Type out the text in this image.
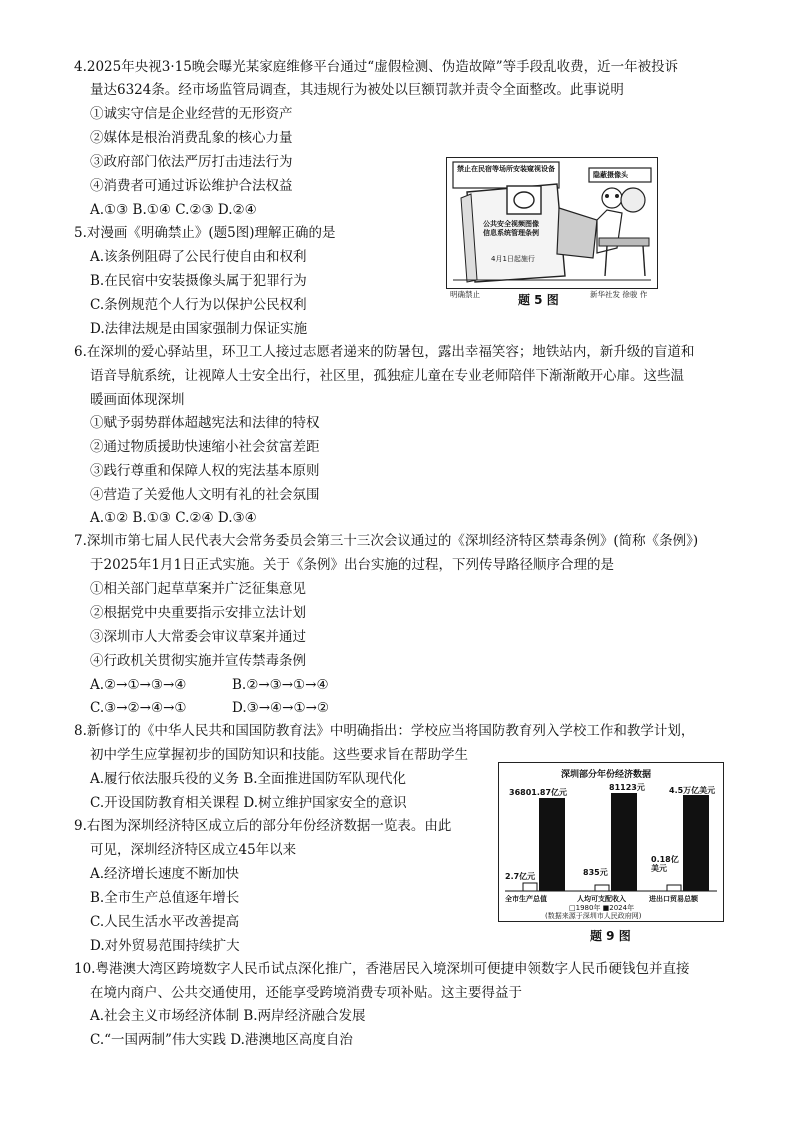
4.2025年央视3·15晚会曝光某家庭维修平台通过“虚假检测、伪造故障”等手段乱收费，近一年被投诉
量达6324条。经市场监管局调查，其违规行为被处以巨额罚款并责令全面整改。此事说明
①诚实守信是企业经营的无形资产
②媒体是根治消费乱象的核心力量
③政府部门依法严厉打击违法行为
④消费者可通过诉讼维护合法权益
A.①③ B.①④ C.②③ D.②④
5.对漫画《明确禁止》(题5图)理解正确的是
A.该条例阻碍了公民行使自由和权利
B.在民宿中安装摄像头属于犯罪行为
C.条例规范个人行为以保护公民权利
D.法律法规是由国家强制力保证实施
禁止在民宿等场所安装窥视设备
隐蔽摄像头
公共安全视频图像信息系统管理条例
4月1日起施行
明确禁止	新华社发 徐骏 作
题 5 图
6.在深圳的爱心驿站里，环卫工人接过志愿者递来的防暑包，露出幸福笑容；地铁站内，新升级的盲道和
语音导航系统，让视障人士安全出行，社区里，孤独症儿童在专业老师陪伴下渐渐敞开心扉。这些温
暖画面体现深圳
①赋予弱势群体超越宪法和法律的特权
②通过物质援助快速缩小社会贫富差距
③践行尊重和保障人权的宪法基本原则
④营造了关爱他人文明有礼的社会氛围
A.①② B.①③ C.②④ D.③④
7.深圳市第七届人民代表大会常务委员会第三十三次会议通过的《深圳经济特区禁毒条例》(简称《条例》)
于2025年1月1日正式实施。关于《条例》出台实施的过程，下列传导路径顺序合理的是
①相关部门起草草案并广泛征集意见
②根据党中央重要指示安排立法计划
③深圳市人大常委会审议草案并通过
④行政机关贯彻实施并宣传禁毒条例
A.②→①→③→④	B.②→③→①→④
C.③→②→④→①	D.③→④→①→②
8.新修订的《中华人民共和国国防教育法》中明确指出：学校应当将国防教育列入学校工作和教学计划，
初中学生应掌握初步的国防知识和技能。这些要求旨在帮助学生
A.履行依法服兵役的义务 B.全面推进国防军队现代化
C.开设国防教育相关课程 D.树立维护国家安全的意识
9.右图为深圳经济特区成立后的部分年份经济数据一览表。由此
可见，深圳经济特区成立45年以来
A.经济增长速度不断加快
B.全市生产总值逐年增长
C.人民生活水平改善提高
D.对外贸易范围持续扩大
深圳部分年份经济数据
36801.87亿元
81123元	4.5万亿美元
2.7亿元	835元
0.18亿美元
全市生产总值	人均可支配收入	进出口贸易总额
□1980年 ■2024年
(数据来源于深圳市人民政府网)
题 9 图
10.粤港澳大湾区跨境数字人民币试点深化推广，香港居民入境深圳可便捷申领数字人民币硬钱包并直接
在境内商户、公共交通使用，还能享受跨境消费专项补贴。这主要得益于
A.社会主义市场经济体制 B.两岸经济融合发展
C.“一国两制”伟大实践 D.港澳地区高度自治
